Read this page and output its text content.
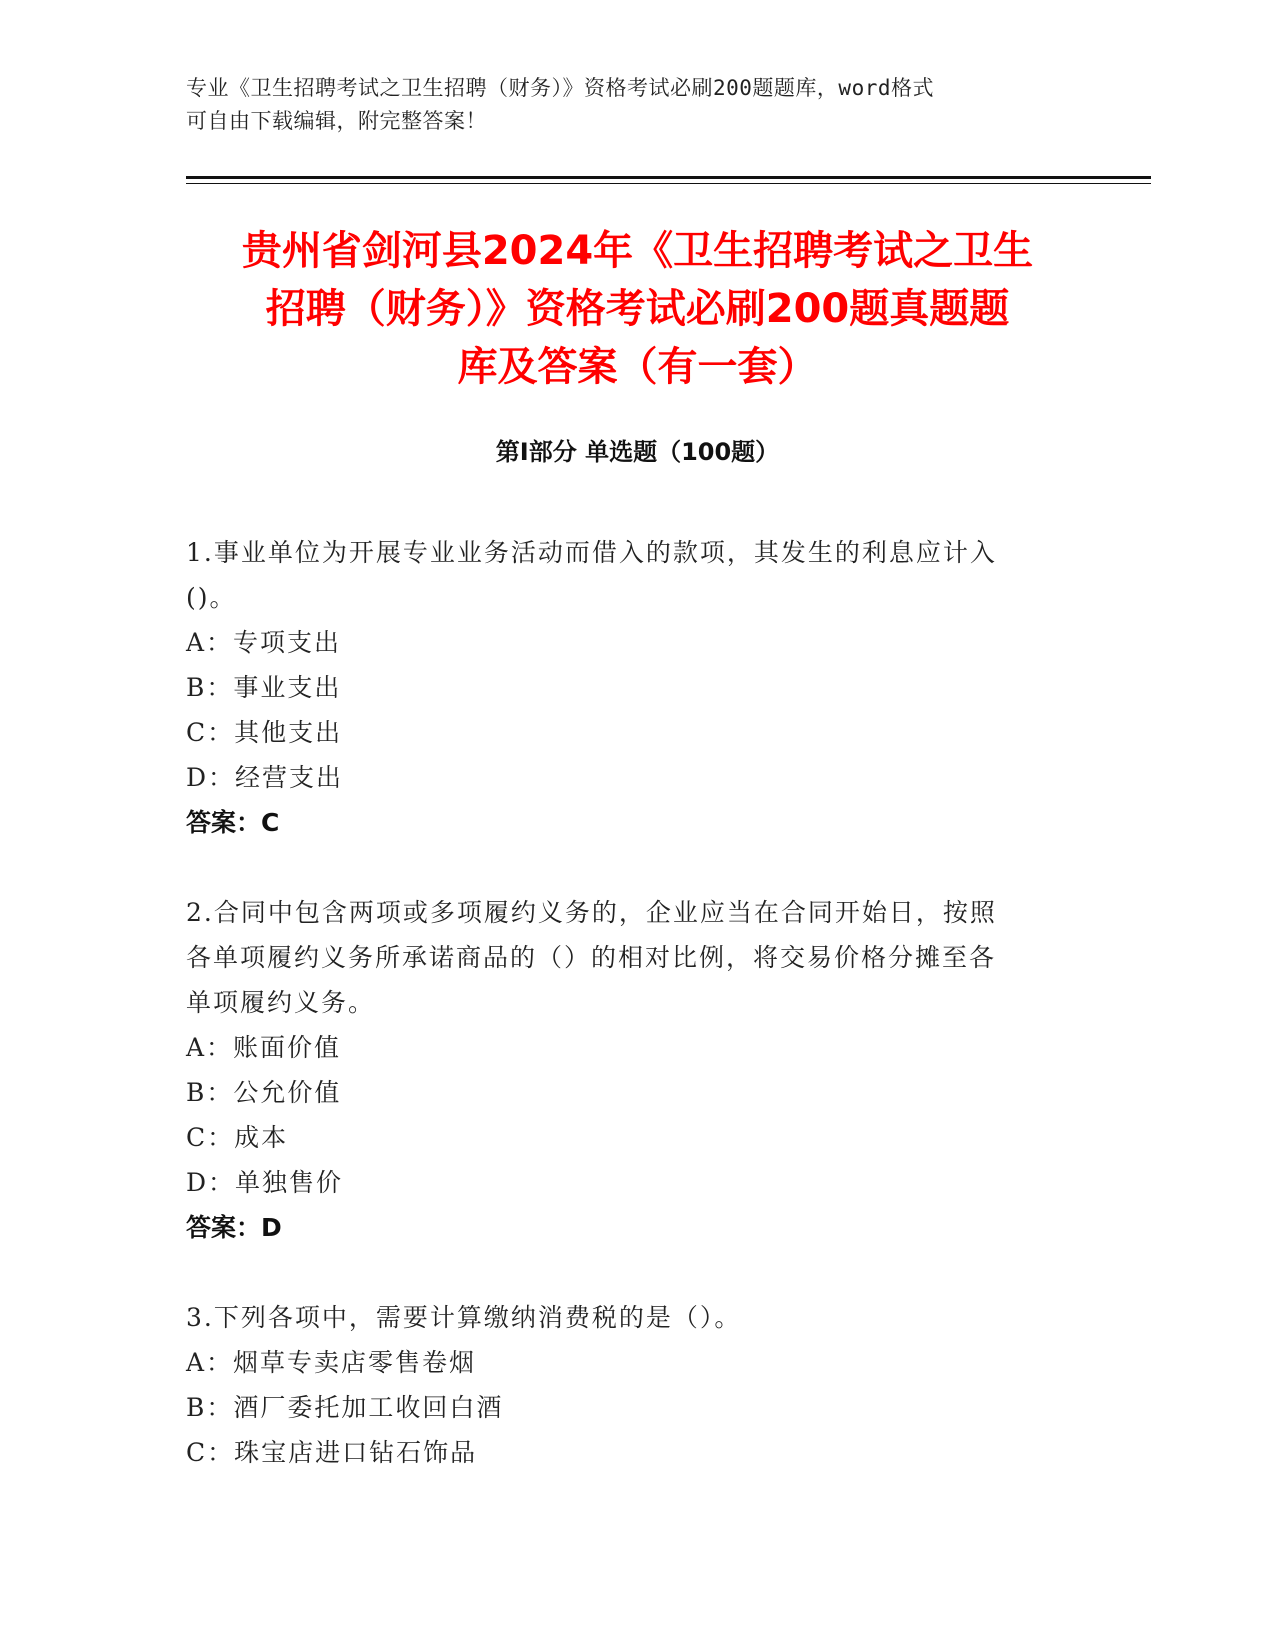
专业《卫生招聘考试之卫生招聘（财务）》资格考试必刷200题题库，word格式
可自由下载编辑，附完整答案！
贵州省剑河县2024年《卫生招聘考试之卫生
招聘（财务）》资格考试必刷200题真题题
库及答案（有一套）
第Ⅰ部分 单选题（100题）
1.事业单位为开展专业业务活动而借入的款项，其发生的利息应计入
()。
A：专项支出
B：事业支出
C：其他支出
D：经营支出
答案：C
2.合同中包含两项或多项履约义务的，企业应当在合同开始日，按照
各单项履约义务所承诺商品的（）的相对比例，将交易价格分摊至各
单项履约义务。
A：账面价值
B：公允价值
C：成本
D：单独售价
答案：D
3.下列各项中，需要计算缴纳消费税的是（）。
A：烟草专卖店零售卷烟
B：酒厂委托加工收回白酒
C：珠宝店进口钻石饰品
